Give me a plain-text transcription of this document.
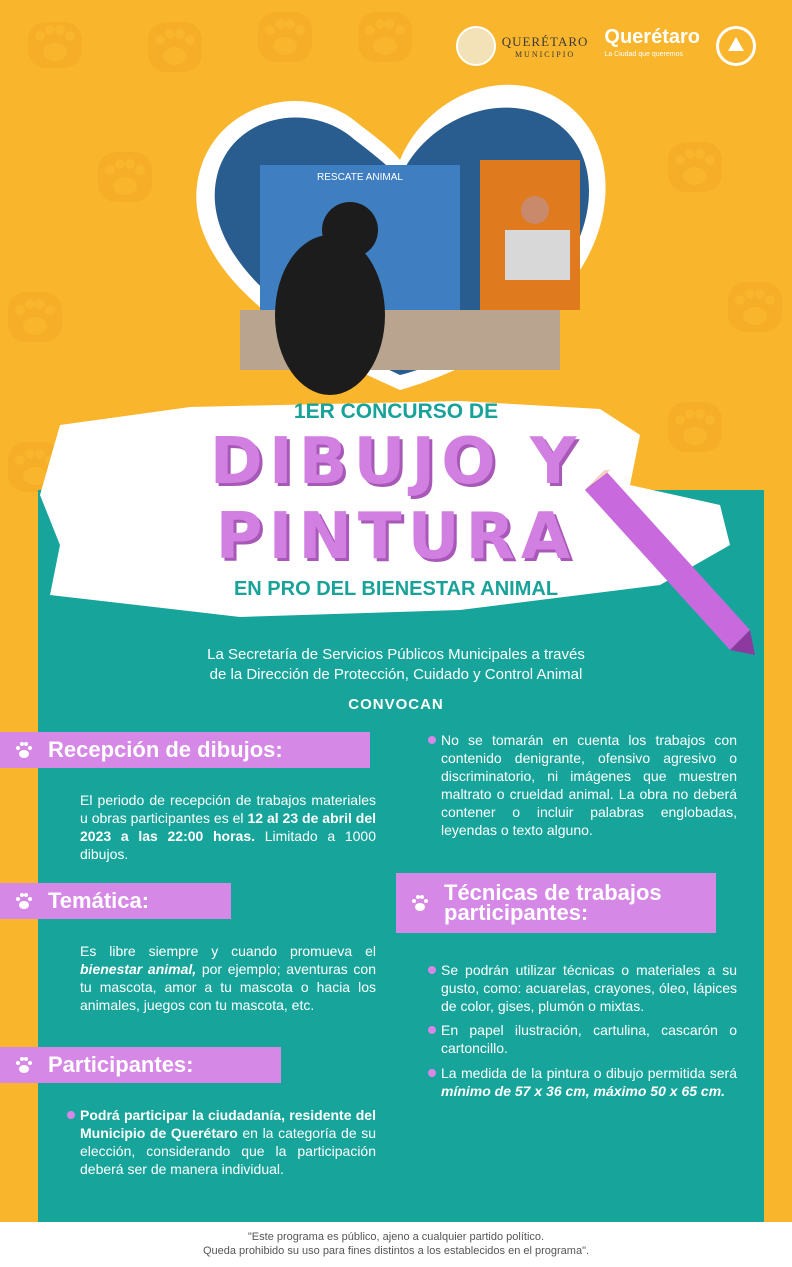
QUERÉTARO
MUNICIPIO
Querétaro
La Ciudad que queremos
RESCATE ANIMAL
1ER CONCURSO DE
DIBUJO Y
PINTURA
EN PRO DEL BIENESTAR ANIMAL
La Secretaría de Servicios Públicos Municipales a través
de la Dirección de Protección, Cuidado y Control Animal
CONVOCAN
Recepción de dibujos:
El periodo de recepción de trabajos materiales u obras participantes es el 12 al 23 de abril del 2023 a las 22:00 horas. Limitado a 1000 dibujos.
Temática:
Es libre siempre y cuando promueva el bienestar animal, por ejemplo; aventuras con tu mascota, amor a tu mascota o hacia los animales, juegos con tu mascota, etc.
Participantes:
Podrá participar la ciudadanía, residente del Municipio de Querétaro en la categoría de su elección, considerando que la participación deberá ser de manera individual.
No se tomarán en cuenta los trabajos con contenido denigrante, ofensivo agresivo o discriminatorio, ni imágenes que muestren maltrato o crueldad animal. La obra no deberá contener o incluir palabras englobadas, leyendas o texto alguno.
Técnicas de trabajos
participantes:
Se podrán utilizar técnicas o materiales a su gusto, como: acuarelas, crayones, óleo, lápices de color, gises, plumón o mixtas.
En papel ilustración, cartulina, cascarón o cartoncillo.
La medida de la pintura o dibujo permitida será mínimo de 57 x 36 cm, máximo 50 x 65 cm.
"Este programa es público, ajeno a cualquier partido político.
Queda prohibido su uso para fines distintos a los establecidos en el programa".
